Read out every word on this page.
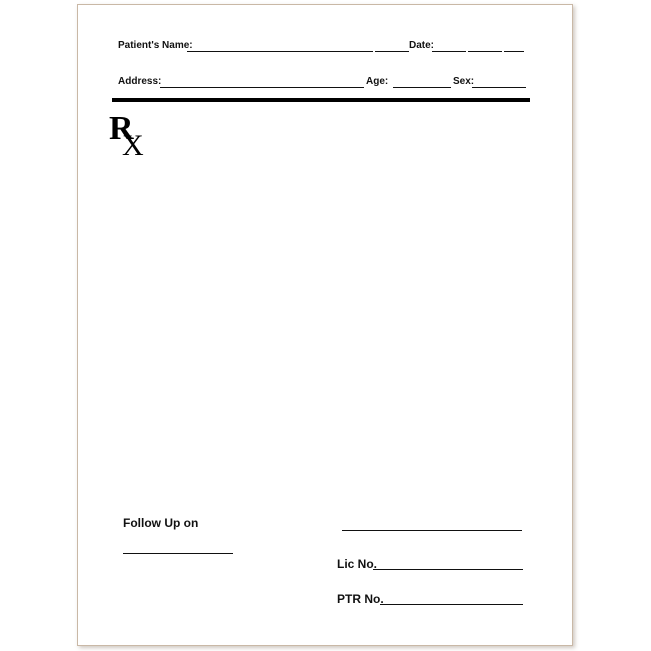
Patient's Name:	Date:
Address:	Age:	Sex:
R
X
Follow Up on
Lic No.
PTR No.
